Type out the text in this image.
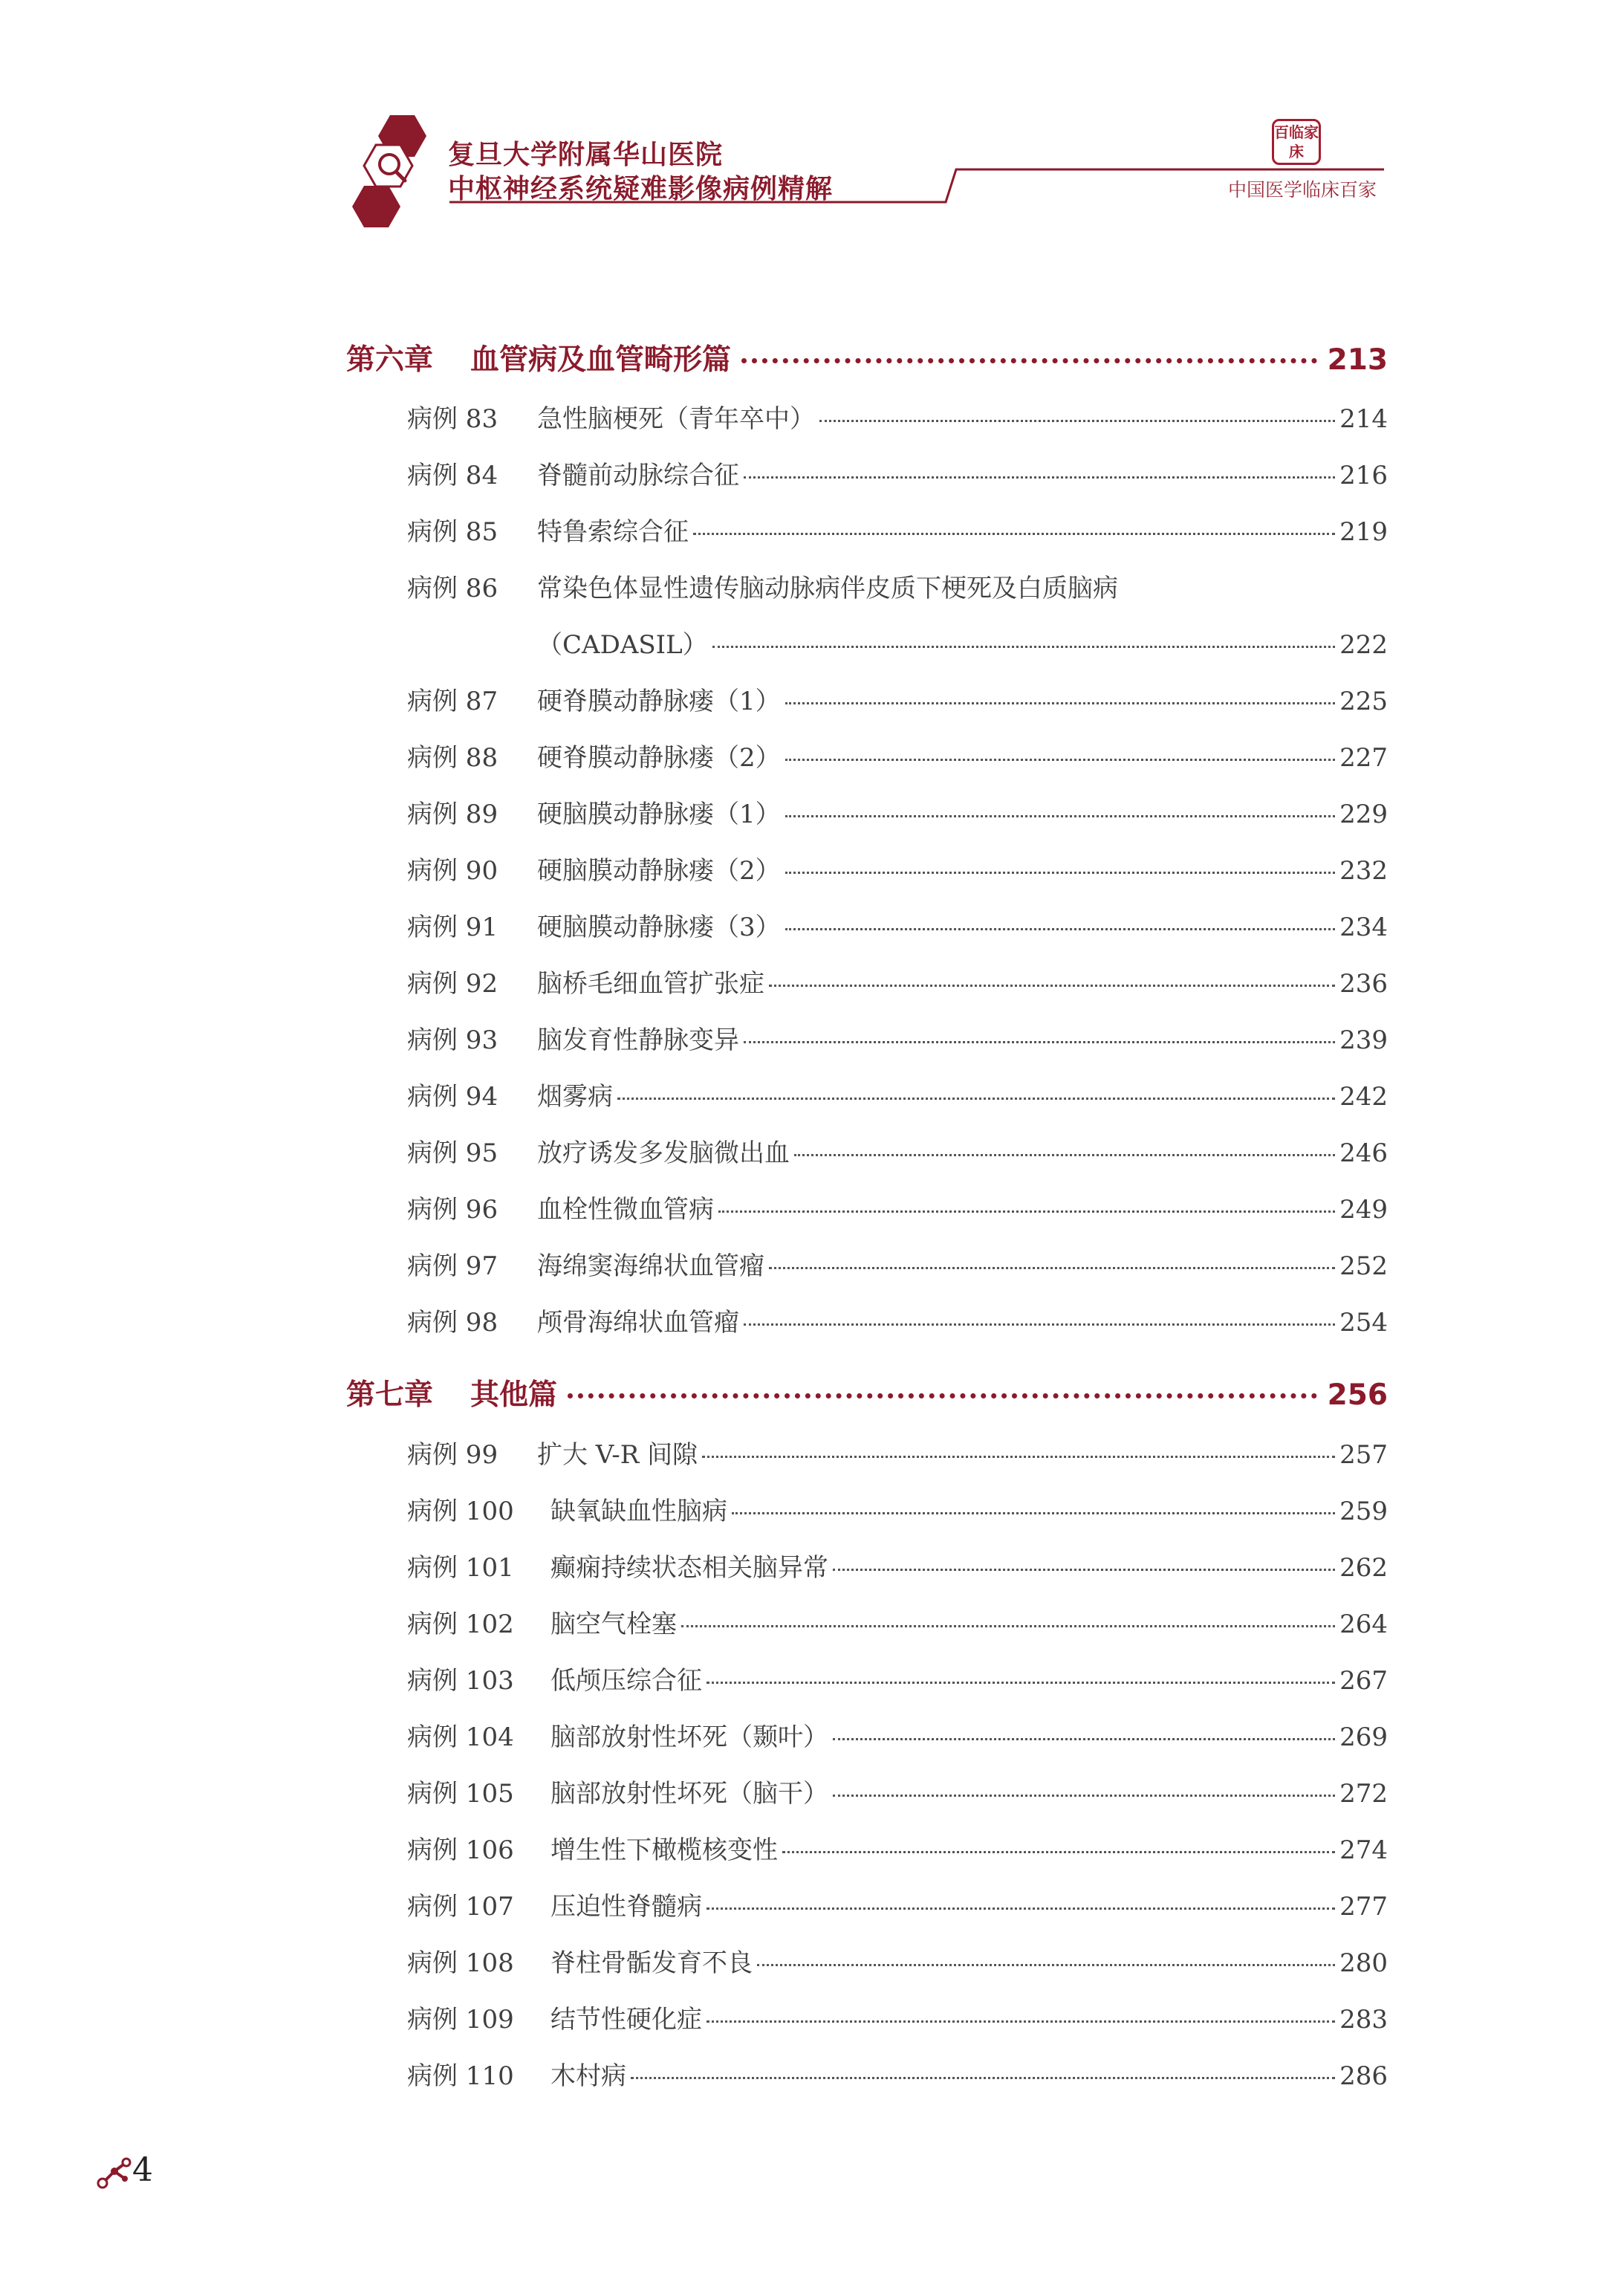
复旦大学附属华山医院
中枢神经系统疑难影像病例精解
百临家床
中国医学临床百家
第六章	血管病及血管畸形篇	213
病例 83	急性脑梗死（青年卒中）	214
病例 84	脊髓前动脉综合征	216
病例 85	特鲁索综合征	219
病例 86	常染色体显性遗传脑动脉病伴皮质下梗死及白质脑病
（CADASIL）	222
病例 87	硬脊膜动静脉瘘（1）	225
病例 88	硬脊膜动静脉瘘（2）	227
病例 89	硬脑膜动静脉瘘（1）	229
病例 90	硬脑膜动静脉瘘（2）	232
病例 91	硬脑膜动静脉瘘（3）	234
病例 92	脑桥毛细血管扩张症	236
病例 93	脑发育性静脉变异	239
病例 94	烟雾病	242
病例 95	放疗诱发多发脑微出血	246
病例 96	血栓性微血管病	249
病例 97	海绵窦海绵状血管瘤	252
病例 98	颅骨海绵状血管瘤	254
第七章	其他篇	256
病例 99	扩大 V-R 间隙	257
病例 100	缺氧缺血性脑病	259
病例 101	癫痫持续状态相关脑异常	262
病例 102	脑空气栓塞	264
病例 103	低颅压综合征	267
病例 104	脑部放射性坏死（颞叶）	269
病例 105	脑部放射性坏死（脑干）	272
病例 106	增生性下橄榄核变性	274
病例 107	压迫性脊髓病	277
病例 108	脊柱骨骺发育不良	280
病例 109	结节性硬化症	283
病例 110	木村病	286
4
